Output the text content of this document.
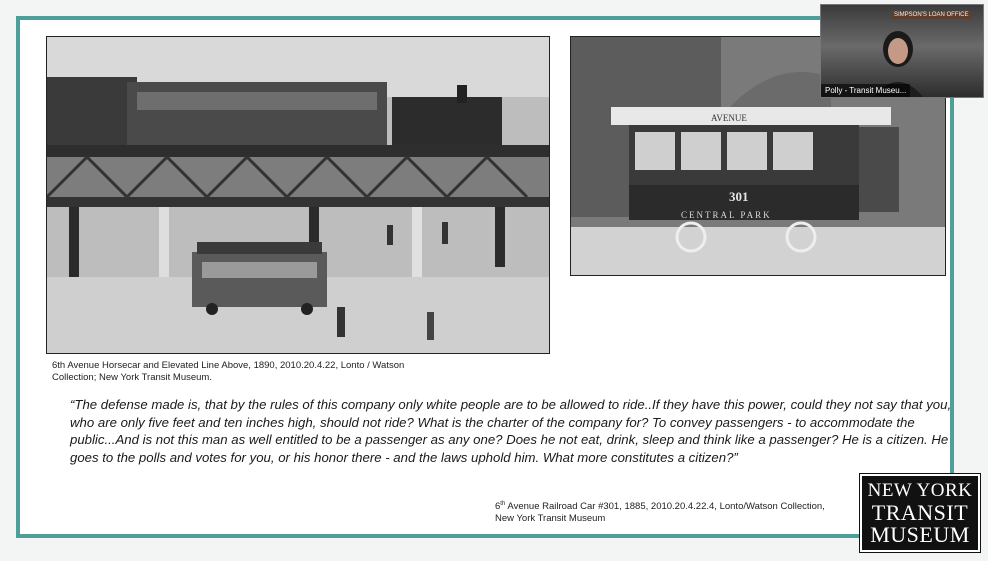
AVENUE
301
CENTRAL PARK
6th Avenue Horsecar and Elevated Line Above, 1890, 2010.20.4.22, Lonto / Watson Collection; New York Transit Museum.
“The defense made is, that by the rules of this company only white people are to be allowed to ride..If they have this power, could they not say that you, who are only five feet and ten inches high, should not ride? What is the charter of the company for? To convey passengers - to accommodate the public...And is not this man as well entitled to be a passenger as any one? Does he not eat, drink, sleep and think like a passenger? He is a citizen. He goes to the polls and votes for you, or his honor there - and the laws uphold him. What more constitutes a citizen?”
6th Avenue Railroad Car #301, 1885, 2010.20.4.22.4, Lonto/Watson Collection, New York Transit Museum
SIMPSON'S LOAN OFFICE
Polly - Transit Museu...
NEW YORK
TRANSIT
MUSEUM
